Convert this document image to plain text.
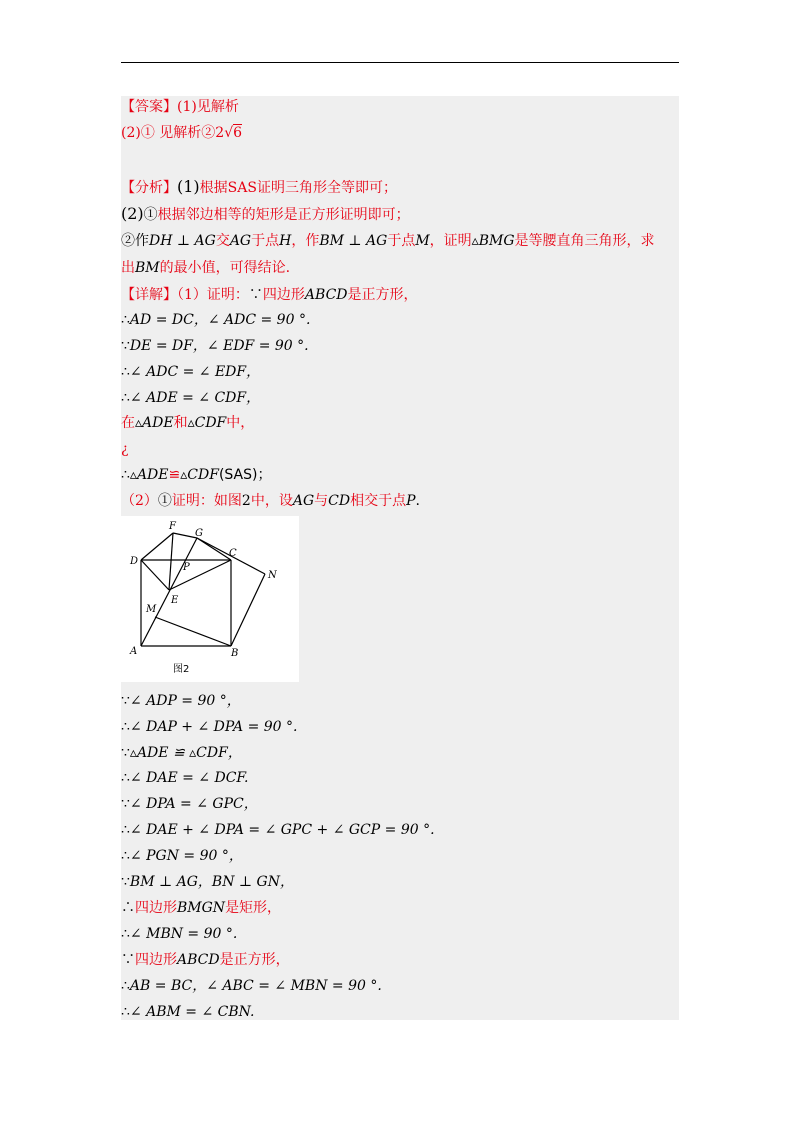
【答案】(1)见解析
(2)① 见解析②2√6
【分析】(1)根据SAS证明三角形全等即可；
(2)①根据邻边相等的矩形是正方形证明即可；
②作DH ⊥ AG交AG于点H，作BM ⊥ AG于点M，证明▵BMG是等腰直角三角形，求
出BM的最小值，可得结论.
【详解】（1）证明：∵四边形ABCD是正方形，
∴AD = DC，∠ ADC = 90 °.
∵DE = DF，∠ EDF = 90 °.
∴∠ ADC = ∠ EDF，
∴∠ ADE = ∠ CDF，
在▵ADE和▵CDF中，
¿
∴▵ADE≌▵CDF(SAS)；
（2）①证明：如图2中，设AG与CD相交于点P.
F
G
C
D
P
N
E
M
A	B
图2
∵∠ ADP = 90 °，
∴∠ DAP + ∠ DPA = 90 °.
∵▵ADE ≌ ▵CDF，
∴∠ DAE = ∠ DCF.
∵∠ DPA = ∠ GPC，
∴∠ DAE + ∠ DPA = ∠ GPC + ∠ GCP = 90 °.
∴∠ PGN = 90 °，
∵BM ⊥ AG，BN ⊥ GN，
∴四边形BMGN是矩形，
∴∠ MBN = 90 °.
∵四边形ABCD是正方形，
∴AB = BC，∠ ABC = ∠ MBN = 90 °.
∴∠ ABM = ∠ CBN.
